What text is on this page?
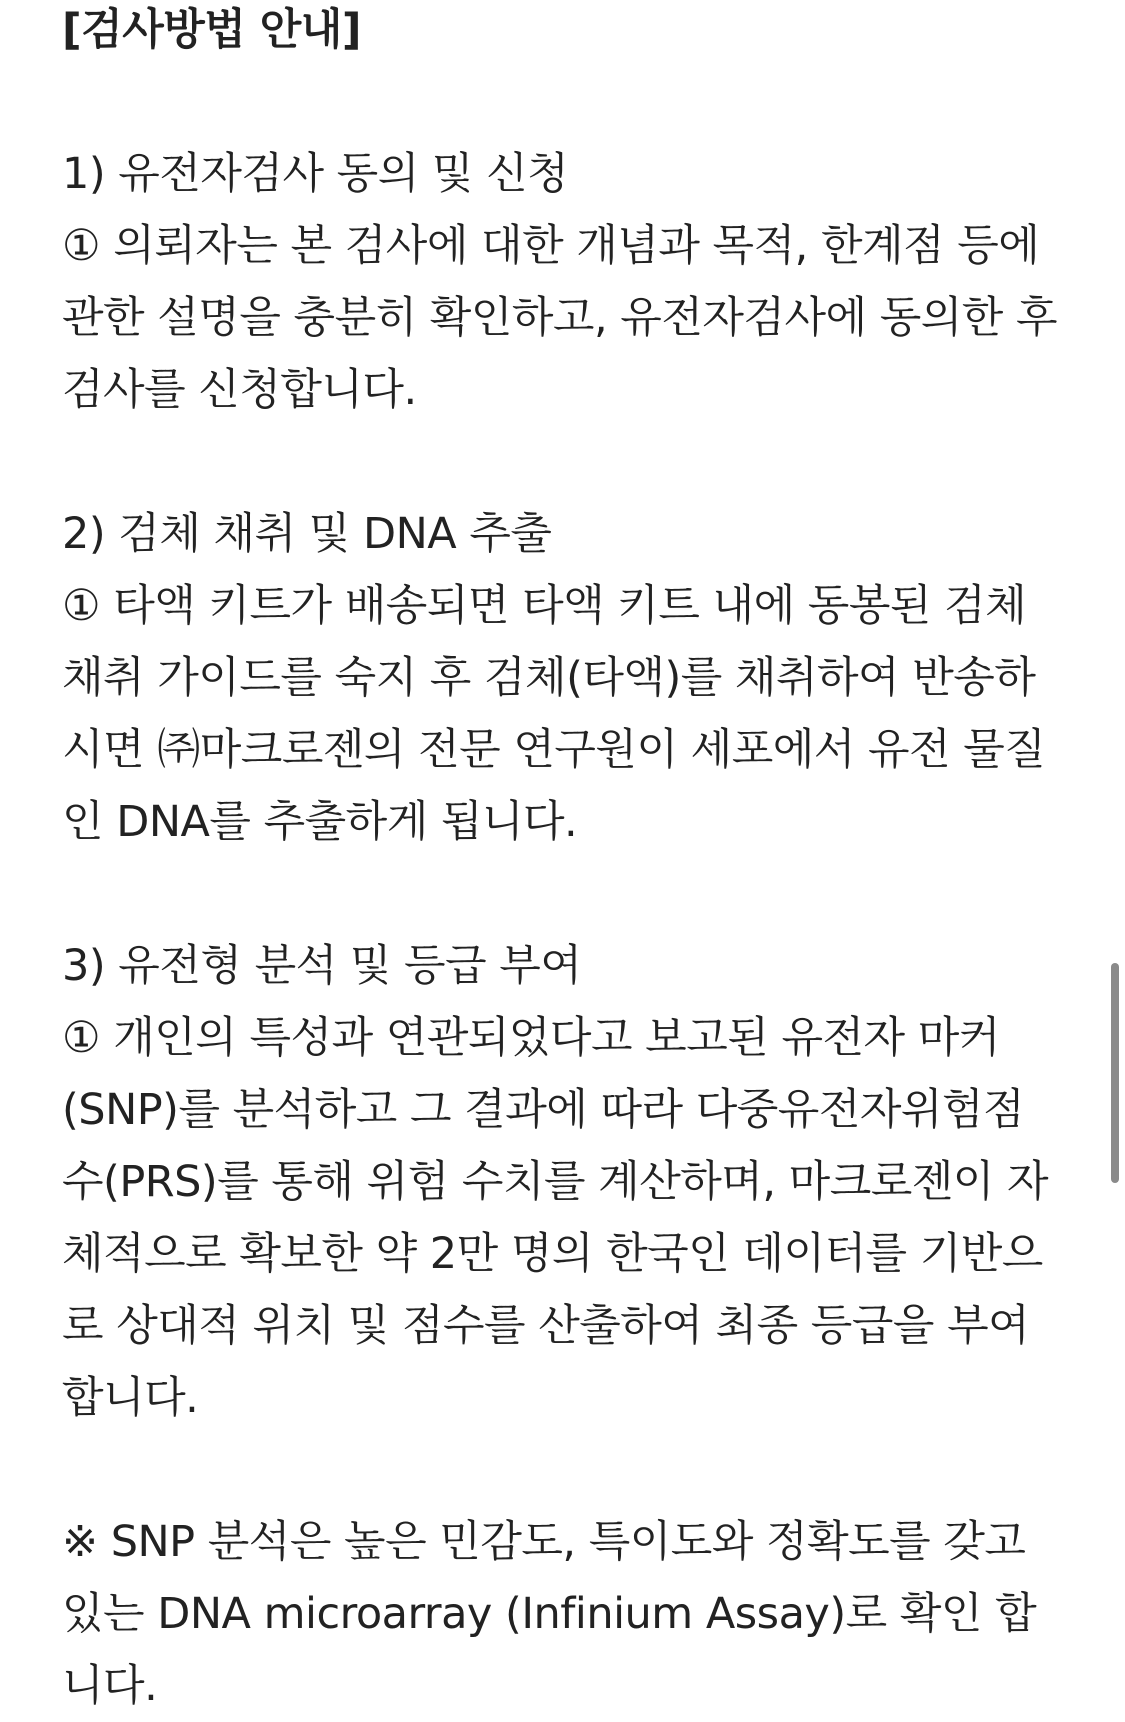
[검사방법 안내]
1) 유전자검사 동의 및 신청
① 의뢰자는 본 검사에 대한 개념과 목적, 한계점 등에
관한 설명을 충분히 확인하고, 유전자검사에 동의한 후
검사를 신청합니다.
2) 검체 채취 및 DNA 추출
① 타액 키트가 배송되면 타액 키트 내에 동봉된 검체
채취 가이드를 숙지 후 검체(타액)를 채취하여 반송하
시면 ㈜마크로젠의 전문 연구원이 세포에서 유전 물질
인 DNA를 추출하게 됩니다.
3) 유전형 분석 및 등급 부여
① 개인의 특성과 연관되었다고 보고된 유전자 마커
(SNP)를 분석하고 그 결과에 따라 다중유전자위험점
수(PRS)를 통해 위험 수치를 계산하며, 마크로젠이 자
체적으로 확보한 약 2만 명의 한국인 데이터를 기반으
로 상대적 위치 및 점수를 산출하여 최종 등급을 부여
합니다.
※ SNP 분석은 높은 민감도, 특이도와 정확도를 갖고
있는 DNA microarray (Infinium Assay)로 확인 합
니다.
